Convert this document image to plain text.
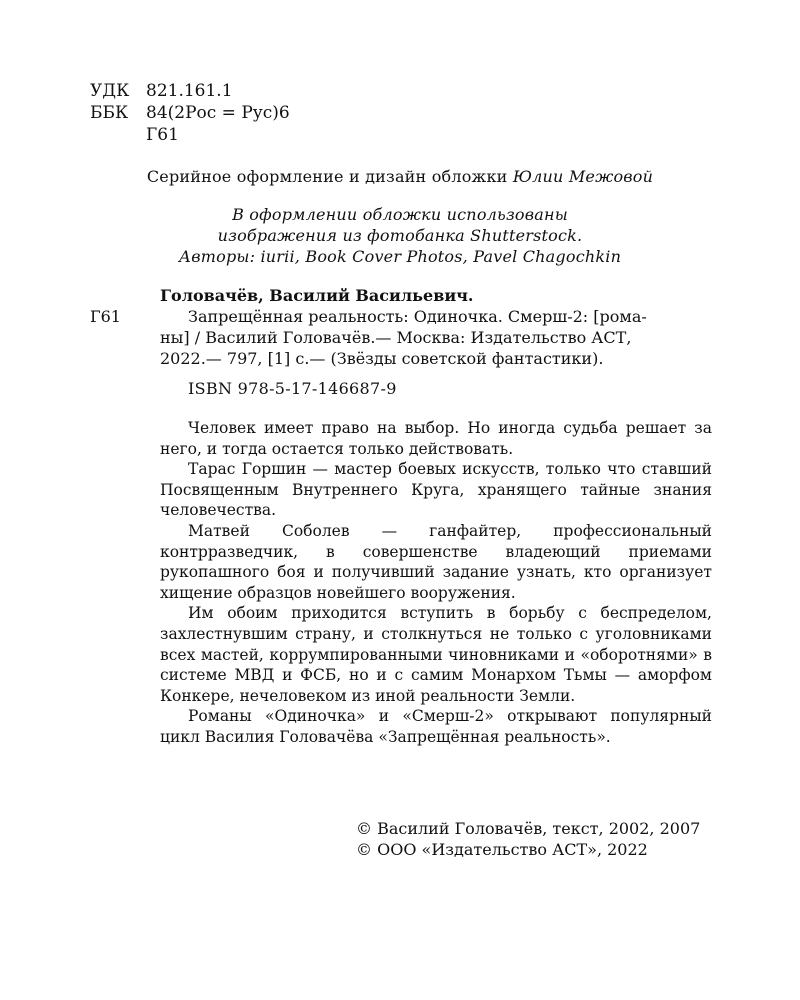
УДК 821.161.1
ББК	84(2Рос = Рус)6
Г61
Серийное оформление и дизайн обложки Юлии Межовой
В оформлении обложки использованы
изображения из фотобанка Shutterstock.
Авторы: iurii, Book Cover Photos, Pavel Chagochkin
Г61
Головачёв, Василий Васильевич.
Запрещённая реальность: Одиночка. Смерш-2: [рома-
ны] / Василий Головачёв.— Москва: Издательство АСТ,
2022.— 797, [1] с.— (Звёзды советской фантастики).
ISBN 978-5-17-146687-9

Человек имеет право на выбор. Но иногда судьба решает за него, и тогда остается только действовать.

Тарас Горшин — мастер боевых искусств, только что ставший Посвященным Внутреннего Круга, хранящего тайные знания человечества.

Матвей Соболев — ганфайтер, профессиональный контрразведчик, в совершенстве владеющий приемами рукопашного боя и получивший задание узнать, кто организует хищение образцов новейшего вооружения.

Им обоим приходится вступить в борьбу с беспределом, захлестнувшим страну, и столкнуться не только с уголовниками всех мастей, коррумпированными чиновниками и «оборотнями» в системе МВД и ФСБ, но и с самим Монархом Тьмы — аморфом Конкере, нечеловеком из иной реальности Земли.

Романы «Одиночка» и «Смерш-2» открывают популярный цикл Василия Головачёва «Запрещённая реальность».

© Василий Головачёв, текст, 2002, 2007
© ООО «Издательство АСТ», 2022
